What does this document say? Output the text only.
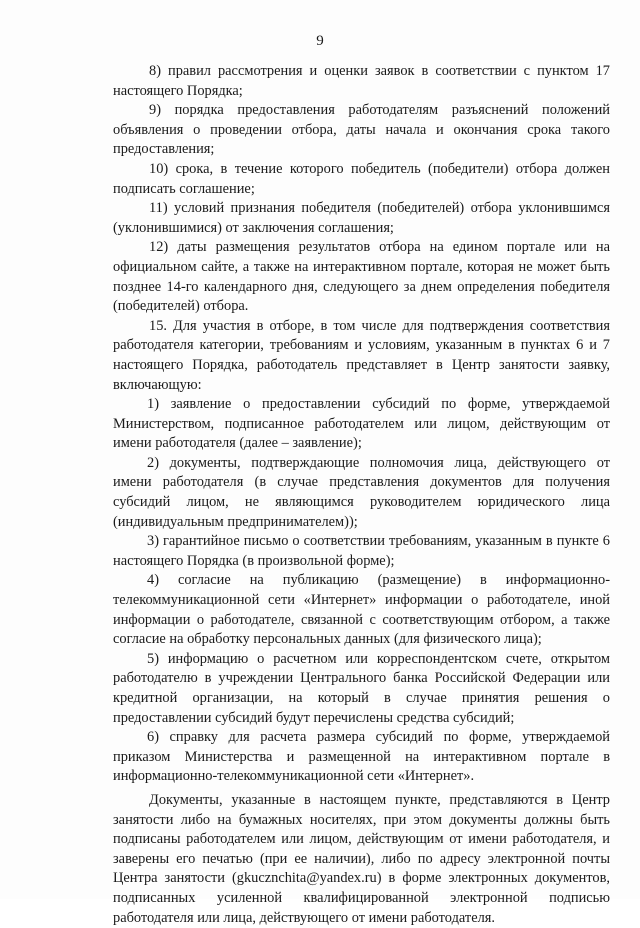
9

8) правил рассмотрения и оценки заявок в соответствии с пунктом 17 настоящего Порядка;

9) порядка предоставления работодателям разъяснений положений объявления о проведении отбора, даты начала и окончания срока такого предоставления;

10) срока, в течение которого победитель (победители) отбора должен подписать соглашение;

11) условий признания победителя (победителей) отбора уклонившимся (уклонившимися) от заключения соглашения;

12) даты размещения результатов отбора на едином портале или на официальном сайте, а также на интерактивном портале, которая не может быть позднее 14-го календарного дня, следующего за днем определения победителя (победителей) отбора.

15. Для участия в отборе, в том числе для подтверждения соответствия работодателя категории, требованиям и условиям, указанным в пунктах 6 и 7 настоящего Порядка, работодатель представляет в Центр занятости заявку, включающую:

1) заявление о предоставлении субсидий по форме, утверждаемой Министерством, подписанное работодателем или лицом, действующим от имени работодателя (далее – заявление);

2) документы, подтверждающие полномочия лица, действующего от имени работодателя (в случае представления документов для получения субсидий лицом, не являющимся руководителем юридического лица (индивидуальным предпринимателем));

3) гарантийное письмо о соответствии требованиям, указанным в пункте 6 настоящего Порядка (в произвольной форме);

4) согласие на публикацию (размещение) в информационно-телекоммуникационной сети «Интернет» информации о работодателе, иной информации о работодателе, связанной с соответствующим отбором, а также согласие на обработку персональных данных (для физического лица);

5) информацию о расчетном или корреспондентском счете, открытом работодателю в учреждении Центрального банка Российской Федерации или кредитной организации, на который в случае принятия решения о предоставлении субсидий будут перечислены средства субсидий;

6) справку для расчета размера субсидий по форме, утверждаемой приказом Министерства и размещенной на интерактивном портале в информационно-телекоммуникационной сети «Интернет».

Документы, указанные в настоящем пункте, представляются в Центр занятости либо на бумажных носителях, при этом документы должны быть подписаны работодателем или лицом, действующим от имени работодателя, и заверены его печатью (при ее наличии), либо по адресу электронной почты Центра занятости (gkucznchita@yandex.ru) в форме электронных документов, подписанных усиленной квалифицированной электронной подписью работодателя или лица, действующего от имени работодателя.
